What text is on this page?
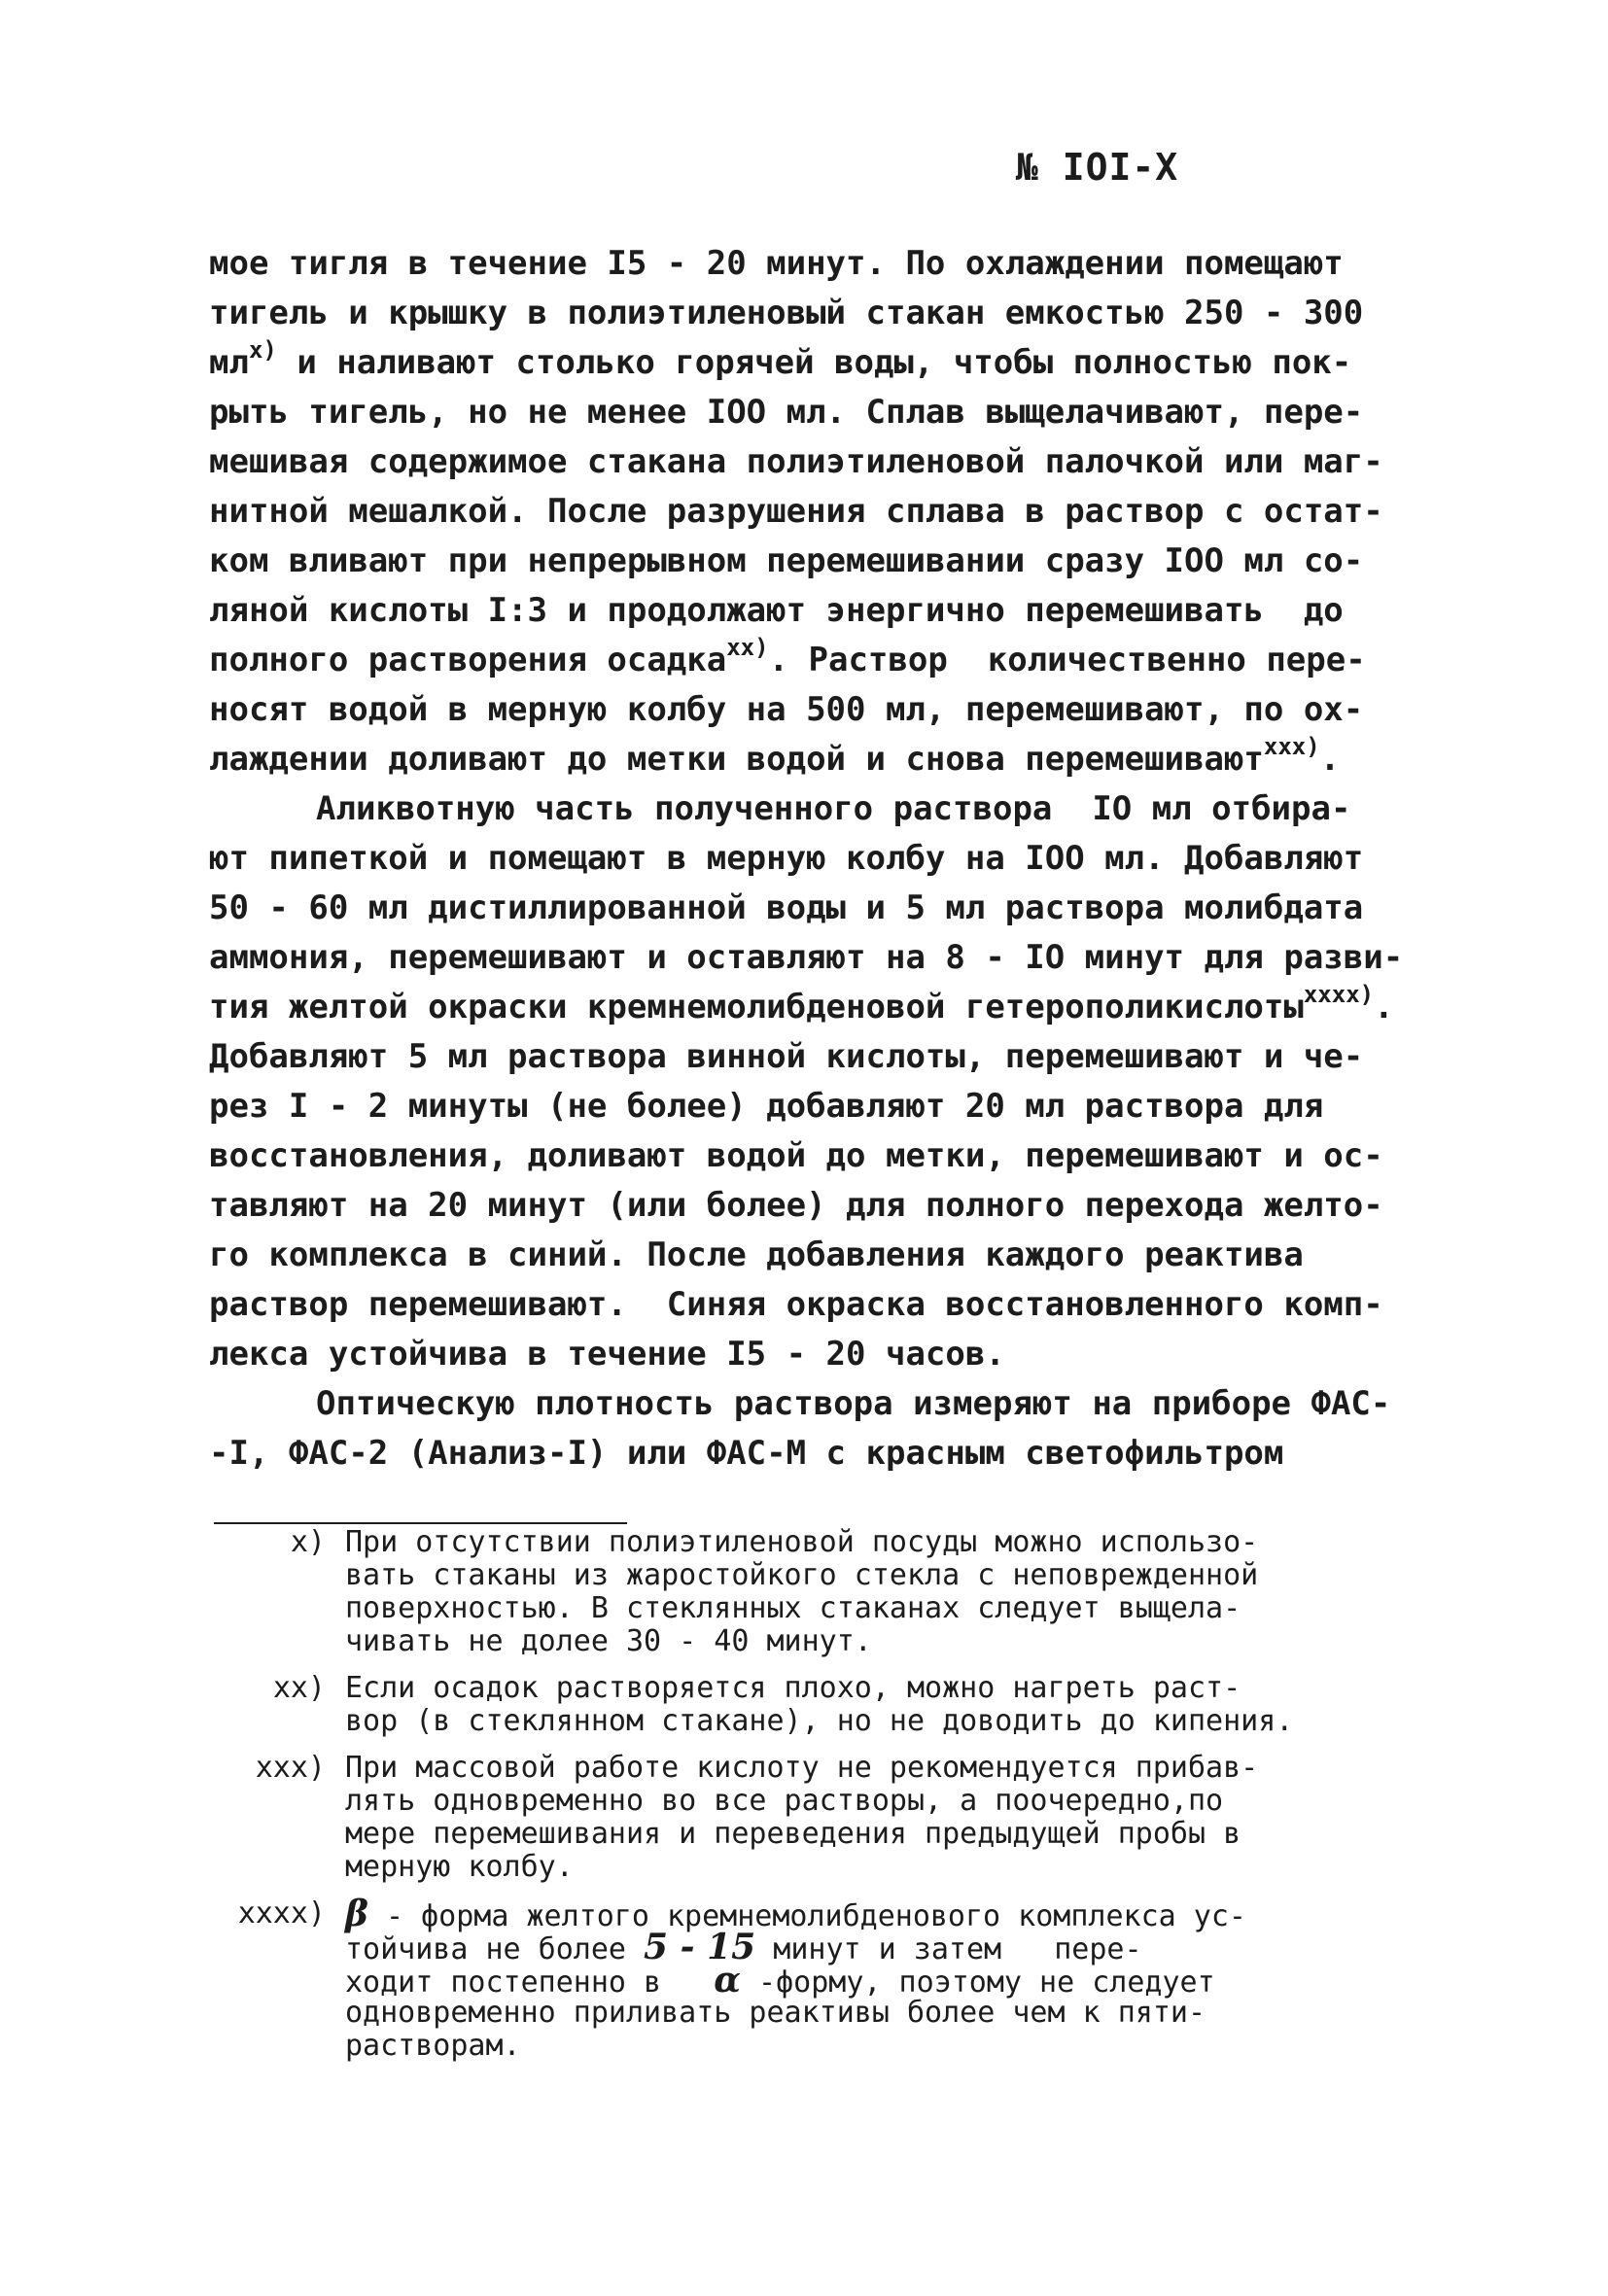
№ IOI-X
мое тигля в течение I5 - 20 минут. По охлаждении помещают
тигель и крышку в полиэтиленовый стакан емкостью 250 - 300
$мл^{x)}$ и наливают столько горячей воды, чтобы полностью пок-
рыть тигель, но не менее IOO мл. Сплав выщелачивают, пере-
мешивая содержимое стакана полиэтиленовой палочкой или маг-
нитной мешалкой. После разрушения сплава в раствор с остат-
ком вливают при непрерывном перемешивании сразу IOO мл со-
ляной кислоты I:3 и продолжают энергично перемешивать  до
полного растворения осадка$^{xx)}$. Раствор  количественно пере-
носят водой в мерную колбу на 500 мл, перемешивают, по ох-
лаждении доливают до метки водой и снова перемешивают$^{xxx)}$.
Аликвотную часть полученного раствора  IO мл отбира-
ют пипеткой и помещают в мерную колбу на IOO мл. Добавляют
50 - 60 мл дистиллированной воды и 5 мл раствора молибдата
аммония, перемешивают и оставляют на 8 - IO минут для разви-
тия желтой окраски кремнемолибденовой гетерополикислоты$^{xxxx)}$.
Добавляют 5 мл раствора винной кислоты, перемешивают и че-
рез I - 2 минуты (не более) добавляют 20 мл раствора для
восстановления, доливают водой до метки, перемешивают и ос-
тавляют на 20 минут (или более) для полного перехода желто-
го комплекса в синий. После добавления каждого реактива
раствор перемешивают.  Синяя окраска восстановленного комп-
лекса устойчива в течение I5 - 20 часов.
Оптическую плотность раствора измеряют на приборе ФАС-
-I, ФАС-2 (Анализ-I) или ФАС-М с красным светофильтром
x) При отсутствии полиэтиленовой посуды можно использо-
вать стаканы из жаростойкого стекла с неповрежденной
поверхностью. В стеклянных стаканах следует выщела-
чивать не долее 30 - 40 минут.
xx) Если осадок растворяется плохо, можно нагреть раст-
вор (в стеклянном стакане), но не доводить до кипения.
xxx) При массовой работе кислоту не рекомендуется прибав-
лять одновременно во все растворы, а поочередно,по
мере перемешивания и переведения предыдущей пробы в
мерную колбу.
xxxx) β - форма желтого кремнемолибденового комплекса ус-
тойчива не более 5 - 15 минут и затем   пере-
ходит постепенно в   α -форму, поэтому не следует
одновременно приливать реактивы более чем к пяти-
растворам.
